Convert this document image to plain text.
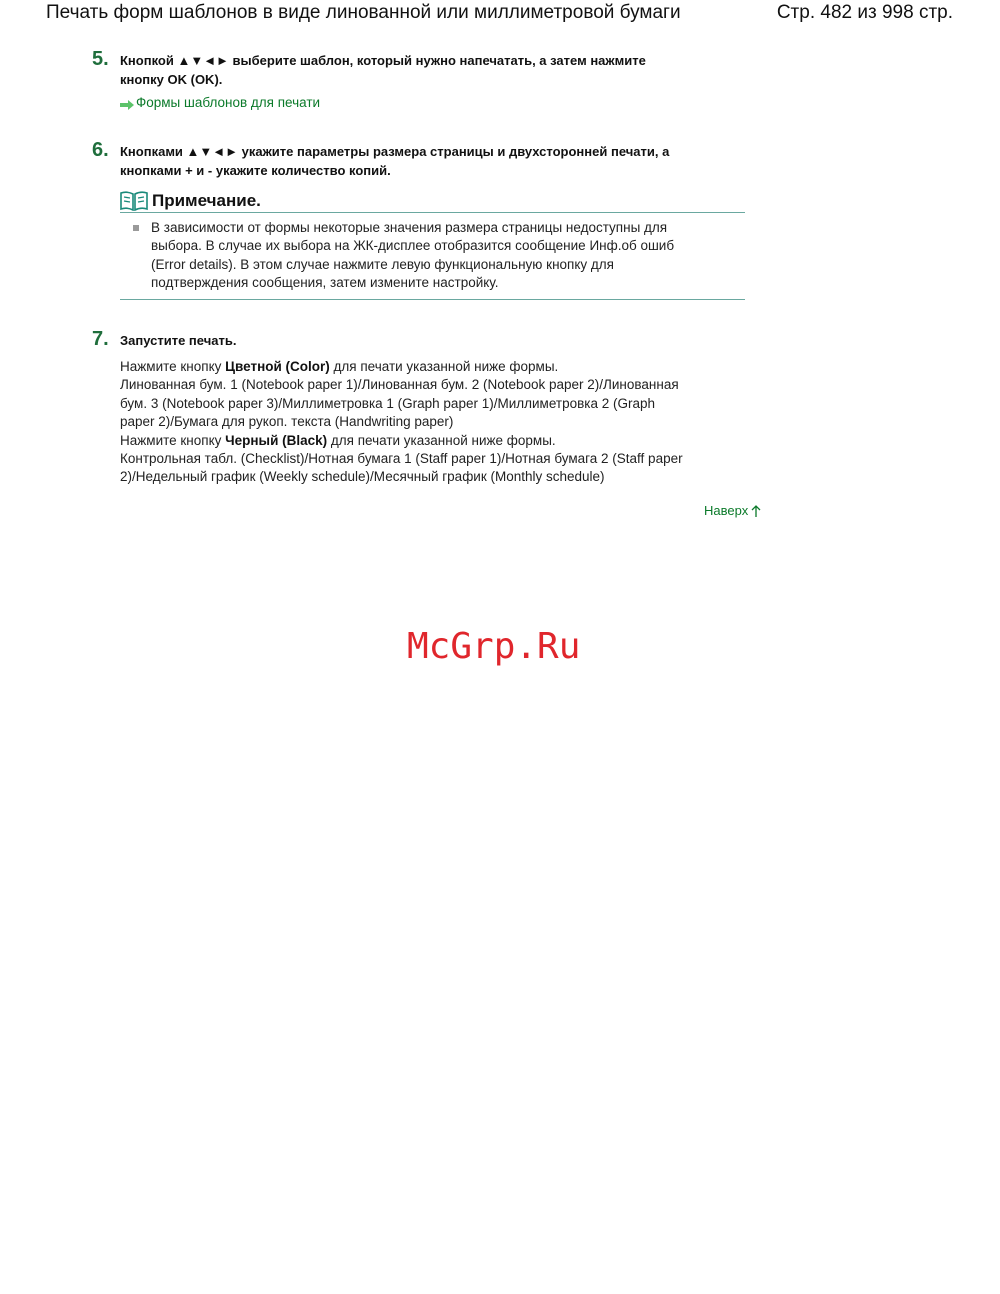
Печать форм шаблонов в виде линованной или миллиметровой бумаги	Стр. 482 из 998 стр.
5. Кнопкой ▲▼◄► выберите шаблон, который нужно напечатать, а затем нажмите
кнопку OK (OK).
Формы шаблонов для печати
6. Кнопками ▲▼◄► укажите параметры размера страницы и двухсторонней печати, а
кнопками + и - укажите количество копий.
Примечание.
В зависимости от формы некоторые значения размера страницы недоступны для
выбора. В случае их выбора на ЖК-дисплее отобразится сообщение Инф.об ошиб
(Error details). В этом случае нажмите левую функциональную кнопку для
подтверждения сообщения, затем измените настройку.
7. Запустите печать.
Нажмите кнопку Цветной (Color) для печати указанной ниже формы.
Линованная бум. 1 (Notebook paper 1)/Линованная бум. 2 (Notebook paper 2)/Линованная
бум. 3 (Notebook paper 3)/Миллиметровка 1 (Graph paper 1)/Миллиметровка 2 (Graph
paper 2)/Бумага для рукоп. текста (Handwriting paper)
Нажмите кнопку Черный (Black) для печати указанной ниже формы.
Контрольная табл. (Checklist)/Нотная бумага 1 (Staff paper 1)/Нотная бумага 2 (Staff paper
2)/Недельный график (Weekly schedule)/Месячный график (Monthly schedule)
Наверх
McGrp.Ru
